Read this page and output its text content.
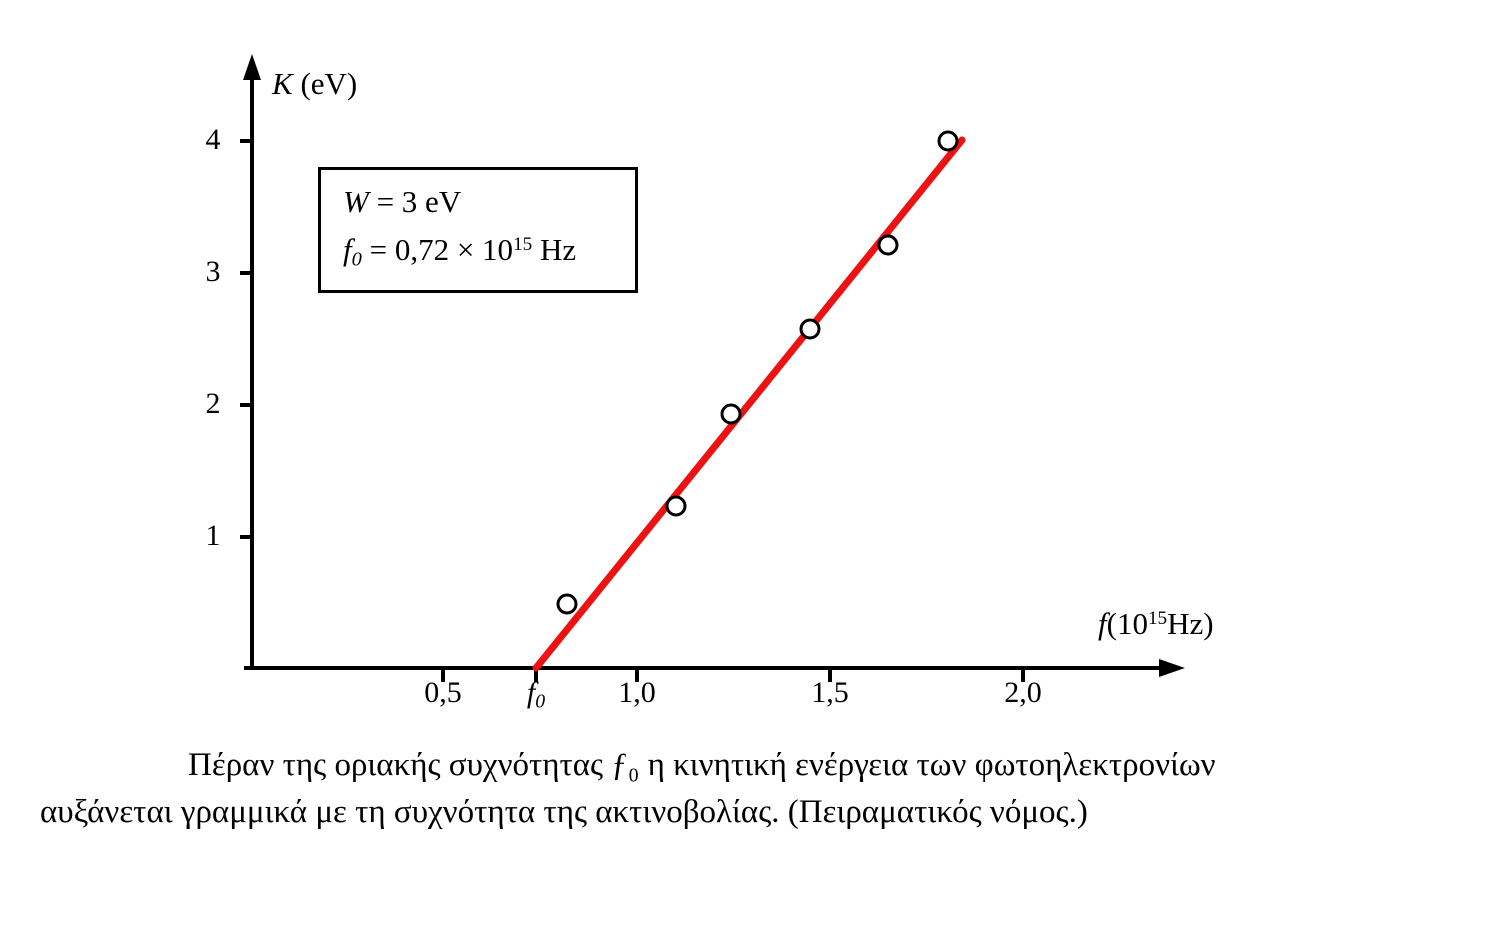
4
3
2
1
0,5	$f_0$	1,0	1,5	2,0
K (eV)
$f(10^{15}Hz)$
W = 3 eV
$f_0 = 0,72 \times 10^{15}$ Hz
Πέραν της οριακής συχνότητας ƒ₀ η κινητική ενέργεια των φωτοηλεκτρονίων
αυξάνεται γραμμικά με τη συχνότητα της ακτινοβολίας. (Πειραματικός νόμος.)
